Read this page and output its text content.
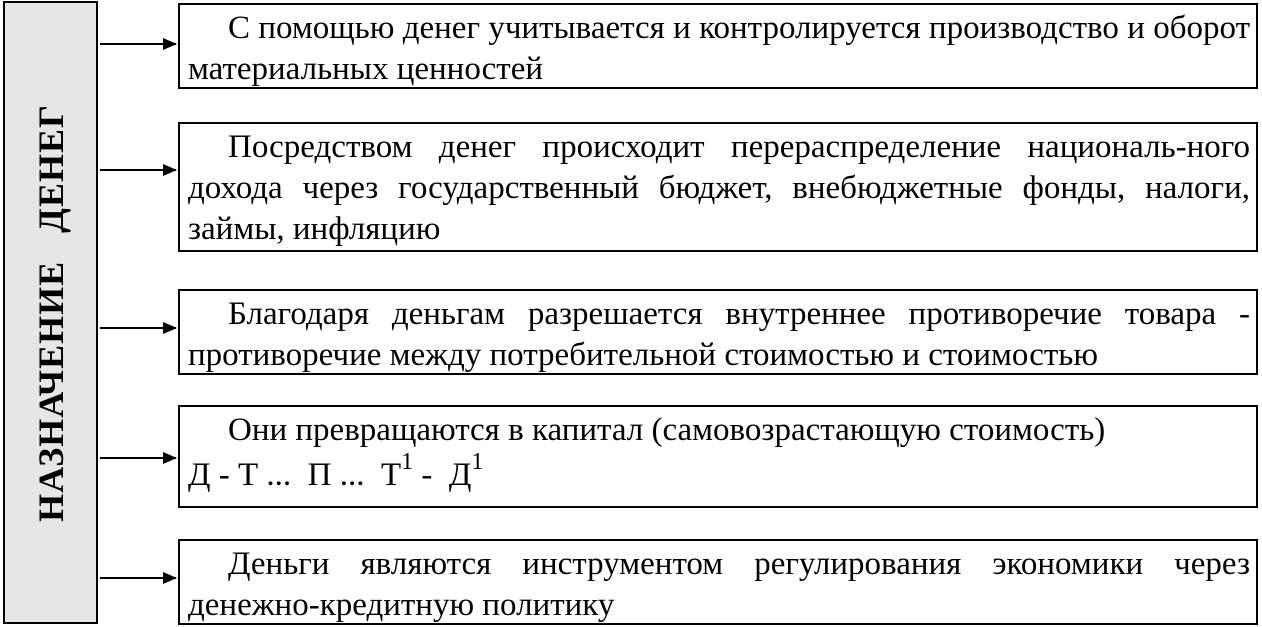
НАЗНАЧЕНИЕ ДЕНЕГ

С помощью денег учитывается и контролируется производство и оборот материальных ценностей

Посредством денег происходит перераспределение националь-ного дохода через государственный бюджет, внебюджетные фонды, налоги, займы, инфляцию

Благодаря деньгам разрешается внутреннее противоречие товара - противоречие между потребительной стоимостью и стоимостью

Они превращаются в капитал (самовозрастающую стоимость)

Д - Т ...  П ...  $Т^1 - Д^1$

Деньги являются инструментом регулирования экономики через денежно-кредитную политику
